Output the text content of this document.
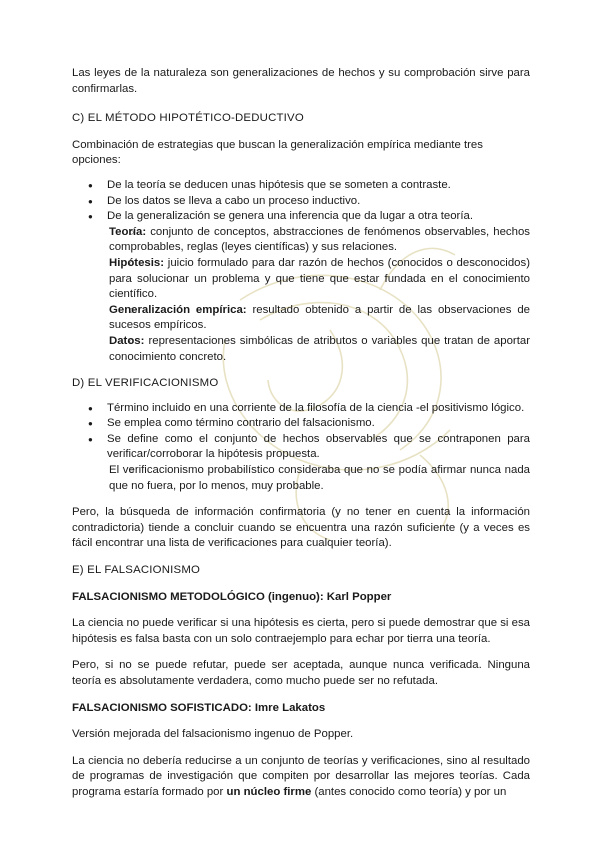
Las leyes de la naturaleza son generalizaciones de hechos y su comprobación sirve para confirmarlas.

C) EL MÉTODO HIPOTÉTICO-DEDUCTIVO

Combinación de estrategias que buscan la generalización empírica mediante tres opciones:

● De la teoría se deducen unas hipótesis que se someten a contraste.
● De los datos se lleva a cabo un proceso inductivo.
● De la generalización se genera una inferencia que da lugar a otra teoría.
○ Teoría: conjunto de conceptos, abstracciones de fenómenos observables, hechos comprobables, reglas (leyes científicas) y sus relaciones.
○ Hipótesis: juicio formulado para dar razón de hechos (conocidos o desconocidos) para solucionar un problema y que tiene que estar fundada en el conocimiento científico.
○ Generalización empírica: resultado obtenido a partir de las observaciones de sucesos empíricos.
○ Datos: representaciones simbólicas de atributos o variables que tratan de aportar conocimiento concreto.

D) EL VERIFICACIONISMO

● Término incluido en una corriente de la filosofía de la ciencia -el positivismo lógico.
● Se emplea como término contrario del falsacionismo.
● Se define como el conjunto de hechos observables que se contraponen para verificar/corroborar la hipótesis propuesta.
○ El verificacionismo probabilístico consideraba que no se podía afirmar nunca nada que no fuera, por lo menos, muy probable.

Pero, la búsqueda de información confirmatoria (y no tener en cuenta la información contradictoria) tiende a concluir cuando se encuentra una razón suficiente (y a veces es fácil encontrar una lista de verificaciones para cualquier teoría).

E) EL FALSACIONISMO

FALSACIONISMO METODOLÓGICO (ingenuo): Karl Popper

La ciencia no puede verificar si una hipótesis es cierta, pero si puede demostrar que si esa hipótesis es falsa basta con un solo contraejemplo para echar por tierra una teoría.

Pero, si no se puede refutar, puede ser aceptada, aunque nunca verificada. Ninguna teoría es absolutamente verdadera, como mucho puede ser no refutada.

FALSACIONISMO SOFISTICADO: Imre Lakatos

Versión mejorada del falsacionismo ingenuo de Popper.

La ciencia no debería reducirse a un conjunto de teorías y verificaciones, sino al resultado de programas de investigación que compiten por desarrollar las mejores teorías. Cada programa estaría formado por un núcleo firme (antes conocido como teoría) y por un
